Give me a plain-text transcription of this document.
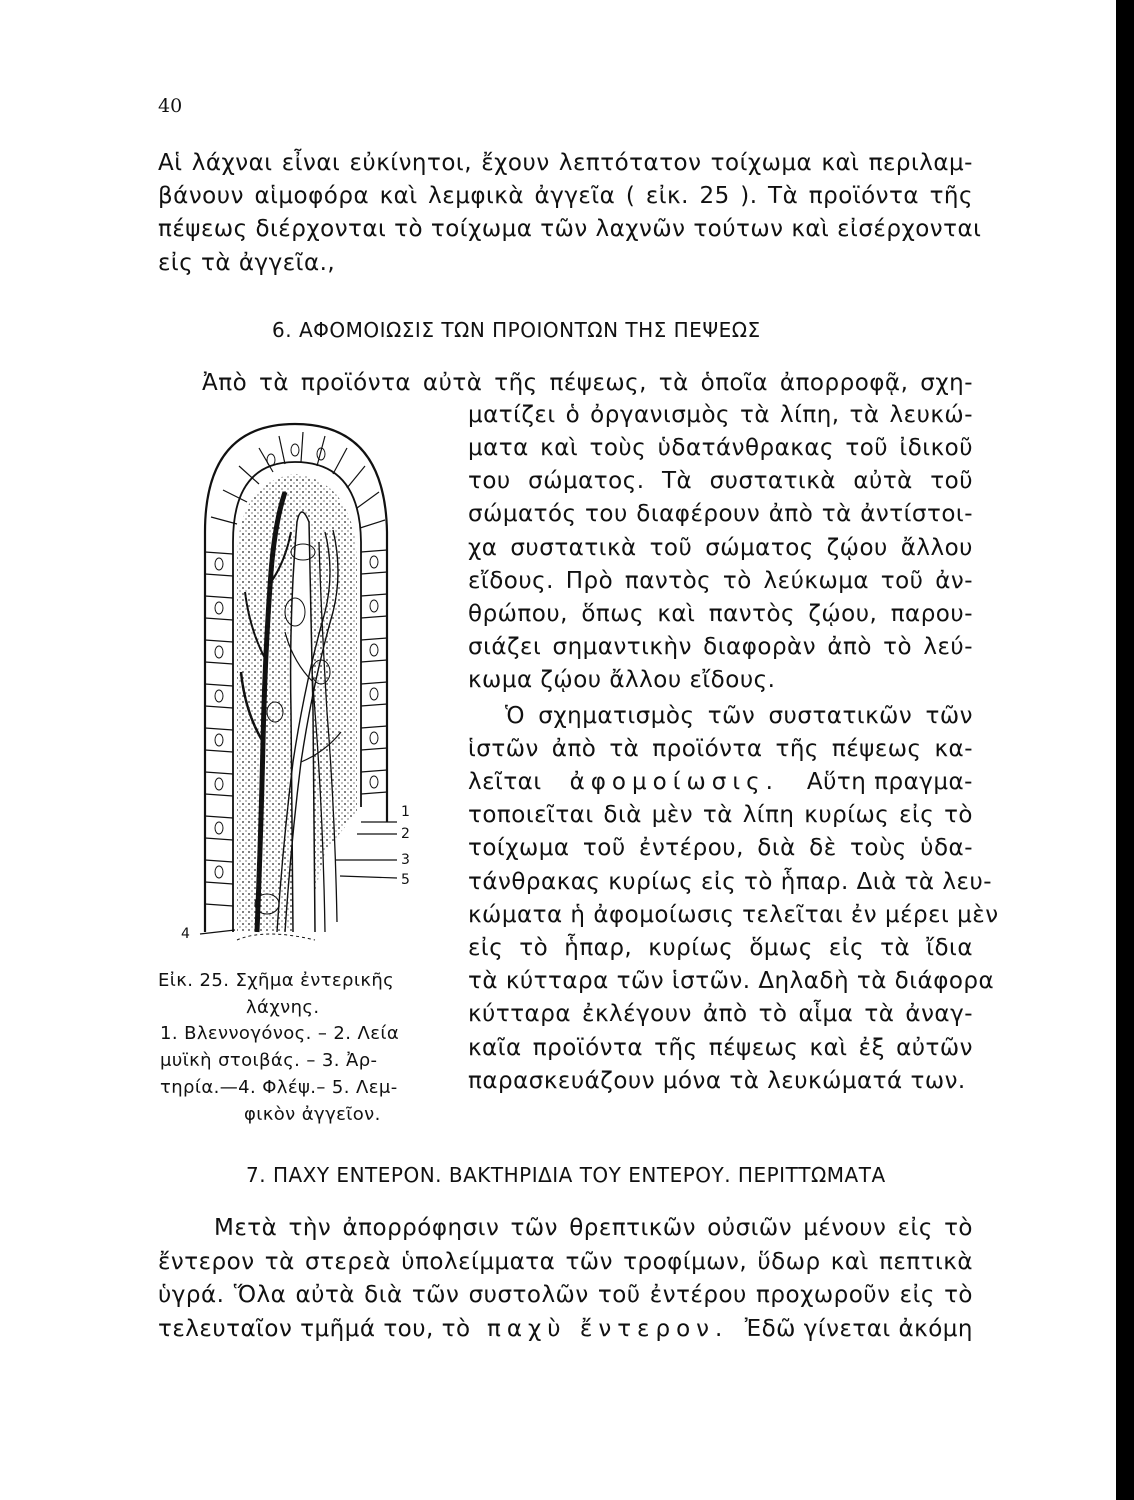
40
Αἱ λάχναι εἶναι εὐκίνητοι, ἔχουν λεπτότατον τοίχωμα καὶ περιλαμ-
βάνουν αἱμοφόρα καὶ λεμφικὰ ἀγγεῖα ( εἰκ. 25 ). Τὰ προϊόντα τῆς
πέψεως διέρχονται τὸ τοίχωμα τῶν λαχνῶν τούτων καὶ εἰσέρχονται
εἰς τὰ ἀγγεῖα.,
6. ΑΦΟΜΟΙΩΣΙΣ ΤΩΝ ΠΡΟΙΟΝΤΩΝ ΤΗΣ ΠΕΨΕΩΣ
Ἀπὸ τὰ προϊόντα αὐτὰ τῆς πέψεως, τὰ ὁποῖα ἀπορροφᾷ, σχη-
ματίζει ὁ ὀργανισμὸς τὰ λίπη, τὰ λευκώ-
ματα καὶ τοὺς ὑδατάνθρακας τοῦ ἰδικοῦ
του σώματος. Τὰ συστατικὰ αὐτὰ τοῦ
σώματός του διαφέρουν ἀπὸ τὰ ἀντίστοι-
χα συστατικὰ τοῦ σώματος ζῴου ἄλλου
εἴδους. Πρὸ παντὸς τὸ λεύκωμα τοῦ ἀν-
θρώπου, ὅπως καὶ παντὸς ζῴου, παρου-
σιάζει σημαντικὴν διαφορὰν ἀπὸ τὸ λεύ-
κωμα ζῴου ἄλλου εἴδους.
Ὁ σχηματισμὸς τῶν συστατικῶν τῶν
ἱστῶν ἀπὸ τὰ προϊόντα τῆς πέψεως κα-
λεῖται ἀφομοίωσις. Αὕτη πραγμα-
τοποιεῖται διὰ μὲν τὰ λίπη κυρίως εἰς τὸ
τοίχωμα τοῦ ἐντέρου, διὰ δὲ τοὺς ὑδα-
τάνθρακας κυρίως εἰς τὸ ἧπαρ. Διὰ τὰ λευ-
κώματα ἡ ἀφομοίωσις τελεῖται ἐν μέρει μὲν
εἰς τὸ ἧπαρ, κυρίως ὅμως εἰς τὰ ἴδια
τὰ κύτταρα τῶν ἱστῶν. Δηλαδὴ τὰ διάφορα
κύτταρα ἐκλέγουν ἀπὸ τὸ αἷμα τὰ ἀναγ-
καῖα προϊόντα τῆς πέψεως καὶ ἐξ αὐτῶν
παρασκευάζουν μόνα τὰ λευκώματά των.
1
2
3
5
4
Εἰκ. 25. Σχῆμα ἐντερικῆς
λάχνης.
1. Βλεννογόνος. – 2. Λεία
μυϊκὴ στοιβάς. – 3. Ἀρ-
τηρία.—4. Φλέψ.– 5. Λεμ-
φικὸν ἀγγεῖον.
7. ΠΑΧΥ ΕΝΤΕΡΟΝ. ΒΑΚΤΗΡΙΔΙΑ ΤΟΥ ΕΝΤΕΡΟΥ. ΠΕΡΙΤΤΩΜΑΤΑ
Μετὰ τὴν ἀπορρόφησιν τῶν θρεπτικῶν οὐσιῶν μένουν εἰς τὸ
ἔντερον τὰ στερεὰ ὑπολείμματα τῶν τροφίμων, ὕδωρ καὶ πεπτικὰ
ὑγρά. Ὅλα αὐτὰ διὰ τῶν συστολῶν τοῦ ἐντέρου προχωροῦν εἰς τὸ
τελευταῖον τμῆμά του, τὸ παχὺ ἔντερον. Ἐδῶ γίνεται ἀκόμη
